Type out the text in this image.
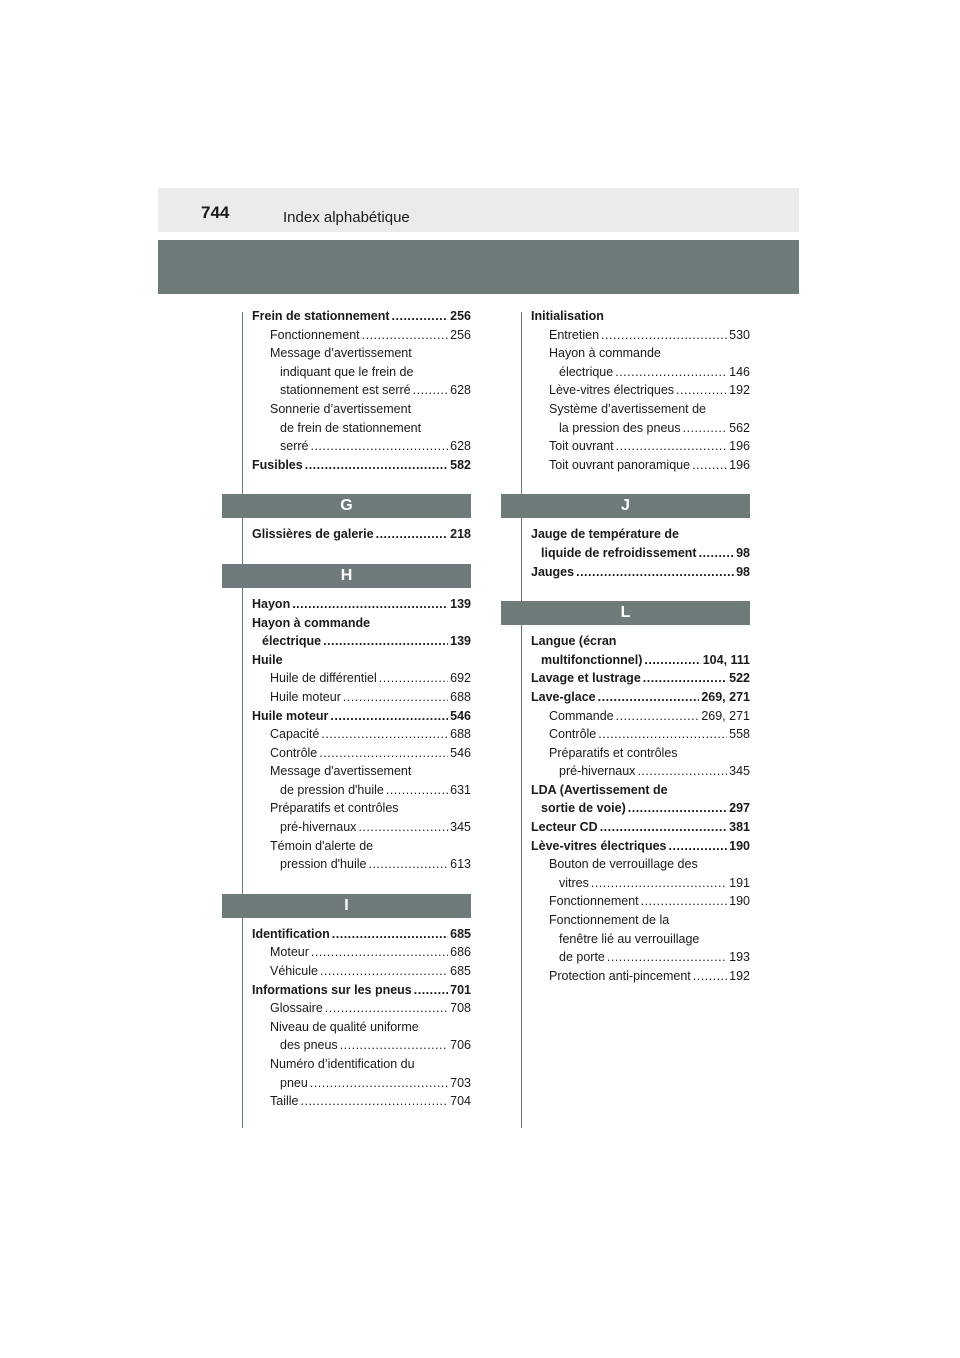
744	Index alphabétique
Frein de stationnement .....	256
Fonctionnement .....	256
Message d’avertissement
indiquant que le frein de
stationnement est serré .....	628
Sonnerie d’avertissement
de frein de stationnement
serré .....	628
Fusibles .....	582
G
Glissières de galerie .....	218
H
Hayon .....	139
Hayon à commande
électrique .....	139
Huile
Huile de différentiel .....	692
Huile moteur .....	688
Huile moteur .....	546
Capacité .....	688
Contrôle .....	546
Message d'avertissement
de pression d'huile .....	631
Préparatifs et contrôles
pré-hivernaux .....	345
Témoin d'alerte de
pression d'huile .....	613
I
Identification .....	685
Moteur .....	686
Véhicule .....	685
Informations sur les pneus .....	701
Glossaire .....	708
Niveau de qualité uniforme
des pneus .....	706
Numéro d’identification du
pneu .....	703
Taille .....	704
Initialisation
Entretien .....	530
Hayon à commande
électrique .....	146
Lève-vitres électriques .....	192
Système d’avertissement de
la pression des pneus .....	562
Toit ouvrant .....	196
Toit ouvrant panoramique .....	196
J
Jauge de température de
liquide de refroidissement .....	98
Jauges .....	98
L
Langue (écran
multifonctionnel) .....	104, 111
Lavage et lustrage .....	522
Lave-glace .....	269, 271
Commande .....	269, 271
Contrôle .....	558
Préparatifs et contrôles
pré-hivernaux .....	345
LDA (Avertissement de
sortie de voie) .....	297
Lecteur CD .....	381
Lève-vitres électriques .....	190
Bouton de verrouillage des
vitres .....	191
Fonctionnement .....	190
Fonctionnement de la
fenêtre lié au verrouillage
de porte .....	193
Protection anti-pincement .....	192
